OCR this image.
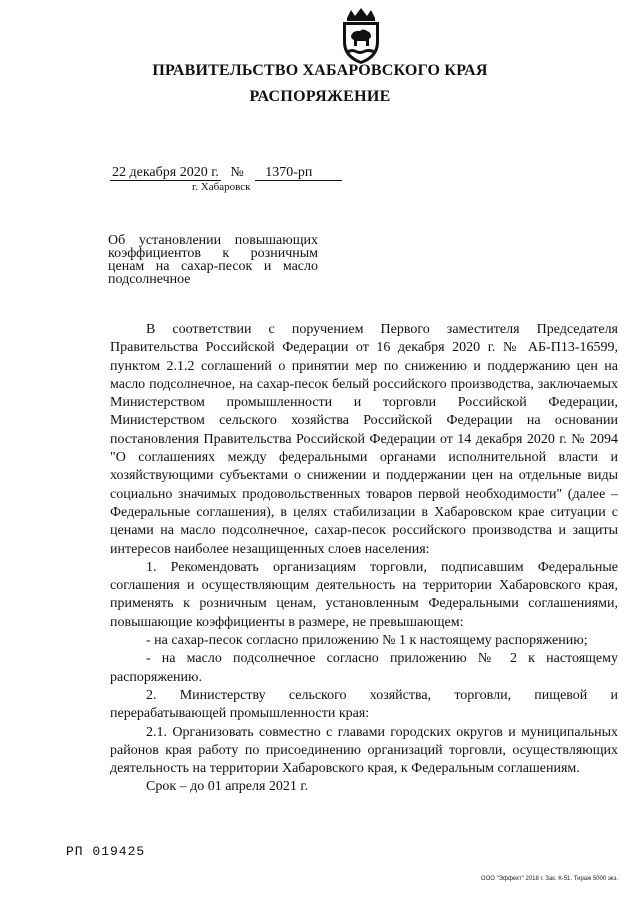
ПРАВИТЕЛЬСТВО ХАБАРОВСКОГО КРАЯ
РАСПОРЯЖЕНИЕ
22 декабря 2020 г. № 1370-рп
г. Хабаровск
Об установлении повышающих коэффициентов к розничным ценам на сахар-песок и масло подсолнечное

В соответствии с поручением Первого заместителя Председателя Правительства Российской Федерации от 16 декабря 2020 г. № АБ-П13-16599, пунктом 2.1.2 соглашений о принятии мер по снижению и поддержанию цен на масло подсолнечное, на сахар-песок белый российского производства, заключаемых Министерством промышленности и торговли Российской Федерации, Министерством сельского хозяйства Российской Федерации на основании постановления Правительства Российской Федерации от 14 декабря 2020 г. № 2094 "О соглашениях между федеральными органами исполнительной власти и хозяйствующими субъектами о снижении и поддержании цен на отдельные виды социально значимых продовольственных товаров первой необходимости" (далее – Федеральные соглашения), в целях стабилизации в Хабаровском крае ситуации с ценами на масло подсолнечное, сахар-песок российского производства и защиты интересов наиболее незащищенных слоев населения:

1. Рекомендовать организациям торговли, подписавшим Федеральные соглашения и осуществляющим деятельность на территории Хабаровского края, применять к розничным ценам, установленным Федеральными соглашениями, повышающие коэффициенты в размере, не превышающем:

- на сахар-песок согласно приложению № 1 к настоящему распоряжению;

- на масло подсолнечное согласно приложению № 2 к настоящему распоряжению.

2. Министерству сельского хозяйства, торговли, пищевой и перерабатывающей промышленности края:

2.1. Организовать совместно с главами городских округов и муниципальных районов края работу по присоединению организаций торговли, осуществляющих деятельность на территории Хабаровского края, к Федеральным соглашениям.

Срок – до 01 апреля 2021 г.

РП 019425
ООО "Эффект" 2018 г. Зак. К-51. Тираж 5000 экз.
